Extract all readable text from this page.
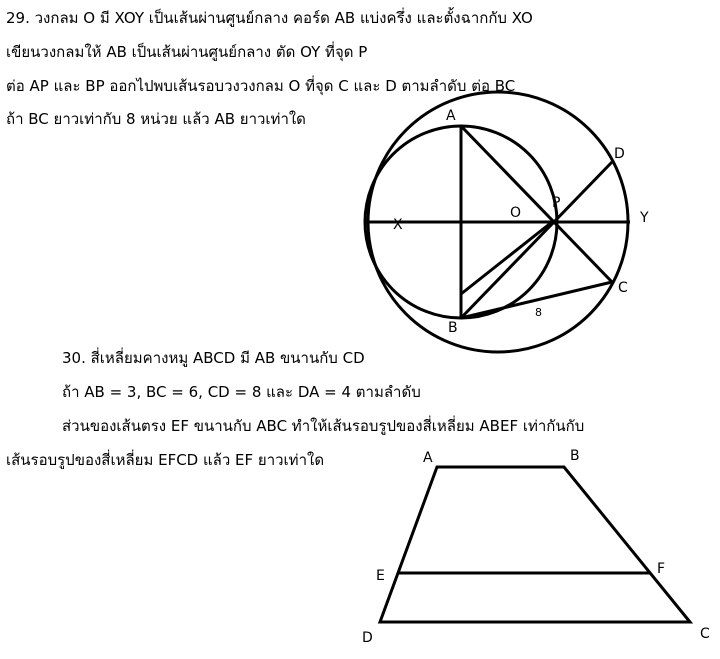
29. วงกลม O มี XOY เป็นเส้นผ่านศูนย์กลาง คอร์ด AB แบ่งครึ่ง และตั้งฉากกับ XO
เขียนวงกลมให้ AB เป็นเส้นผ่านศูนย์กลาง ตัด OY ที่จุด P
ต่อ AP และ BP ออกไปพบเส้นรอบวงวงกลม O ที่จุด C และ D ตามลำดับ ต่อ BC
ถ้า BC ยาวเท่ากับ 8 หน่วย แล้ว AB ยาวเท่าใด
30. สี่เหลี่ยมคางหมู ABCD มี AB ขนานกับ CD
ถ้า AB = 3, BC = 6, CD = 8 และ DA = 4 ตามลำดับ
ส่วนของเส้นตรง EF ขนานกับ ABC ทำให้เส้นรอบรูปของสี่เหลี่ยม ABEF เท่ากันกับ
เส้นรอบรูปของสี่เหลี่ยม EFCD แล้ว EF ยาวเท่าใด
A
B
C
D
X	Y
O
P
8
A	B
C
D
E	F
